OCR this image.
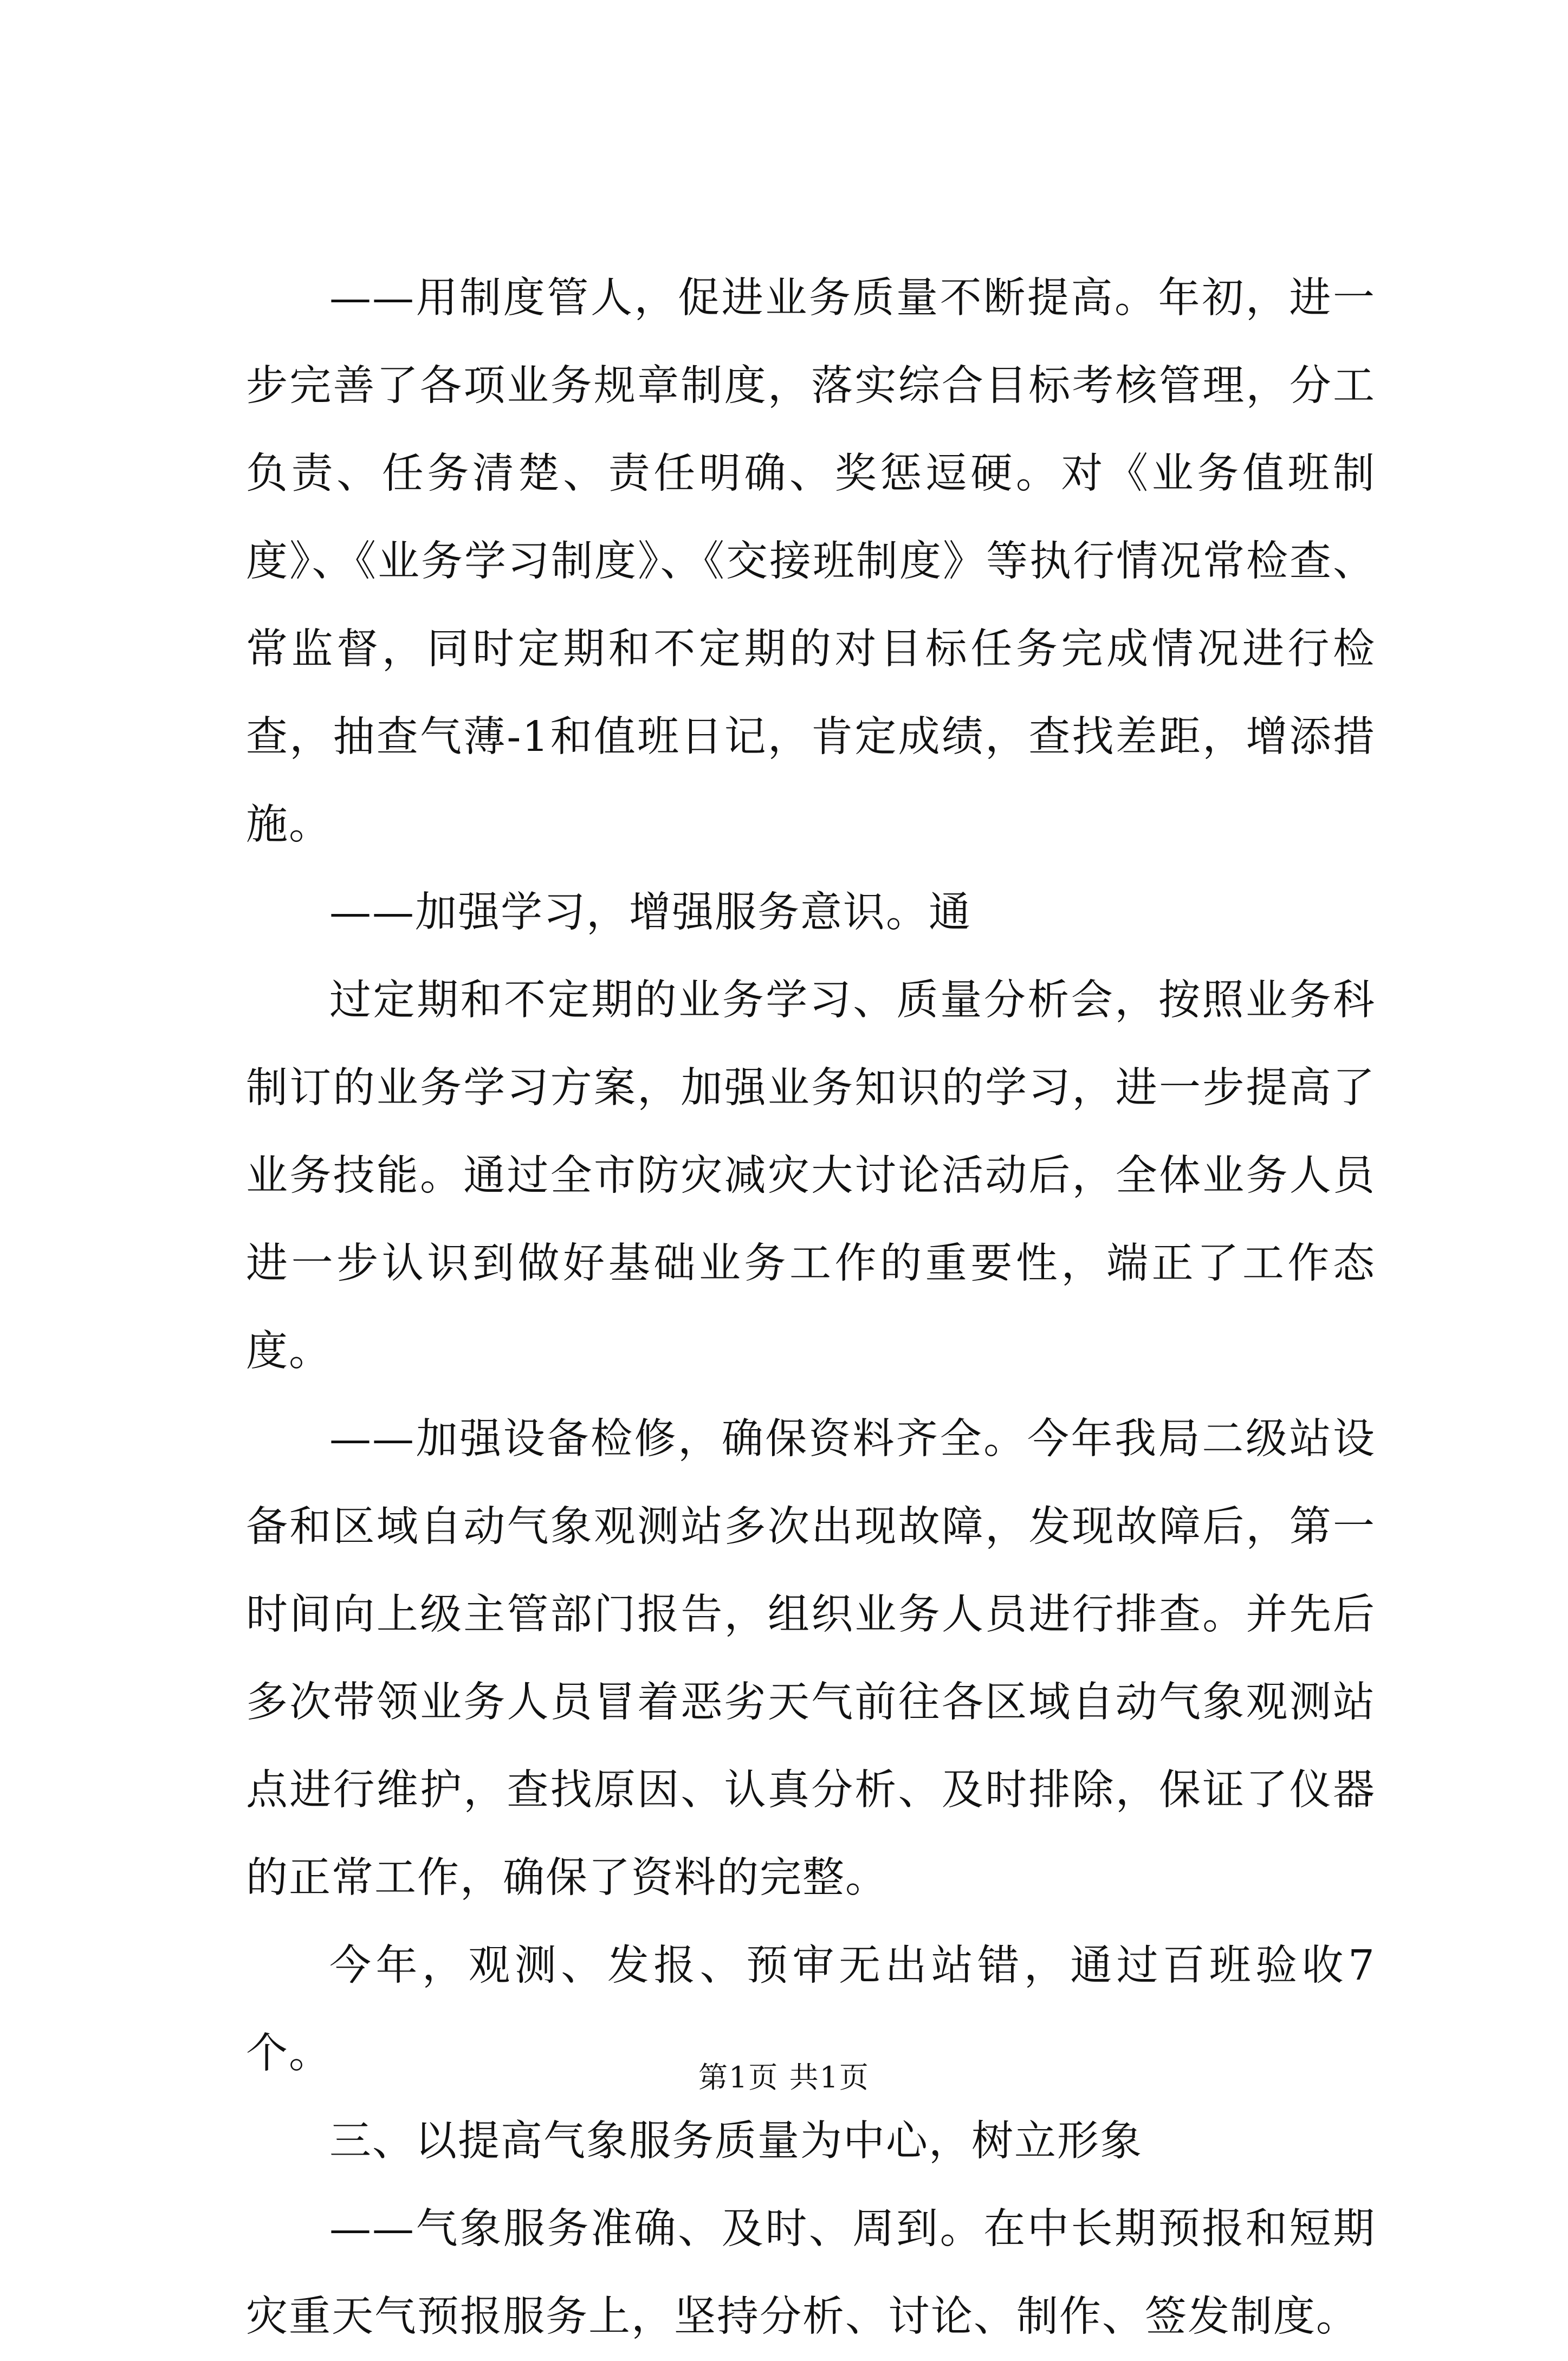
——用制度管人，促进业务质量不断提高。年初，进一步完善了各项业务规章制度，落实综合目标考核管理，分工负责、任务清楚、责任明确、奖惩逗硬。对《业务值班制度》、《业务学习制度》、《交接班制度》等执行情况常检查、常监督，同时定期和不定期的对目标任务完成情况进行检查，抽查气薄-1和值班日记，肯定成绩，查找差距，增添措施。

——加强学习，增强服务意识。通

过定期和不定期的业务学习、质量分析会，按照业务科制订的业务学习方案，加强业务知识的学习，进一步提高了业务技能。通过全市防灾减灾大讨论活动后，全体业务人员进一步认识到做好基础业务工作的重要性，端正了工作态度。

——加强设备检修，确保资料齐全。今年我局二级站设备和区域自动气象观测站多次出现故障，发现故障后，第一时间向上级主管部门报告，组织业务人员进行排查。并先后多次带领业务人员冒着恶劣天气前往各区域自动气象观测站点进行维护，查找原因、认真分析、及时排除，保证了仪器的正常工作，确保了资料的完整。

今年，观测、发报、预审无出站错，通过百班验收7个。

三、以提高气象服务质量为中心，树立形象

——气象服务准确、及时、周到。在中长期预报和短期灾重天气预报服务上，坚持分析、讨论、制作、签发制度。

第1页 共1页
